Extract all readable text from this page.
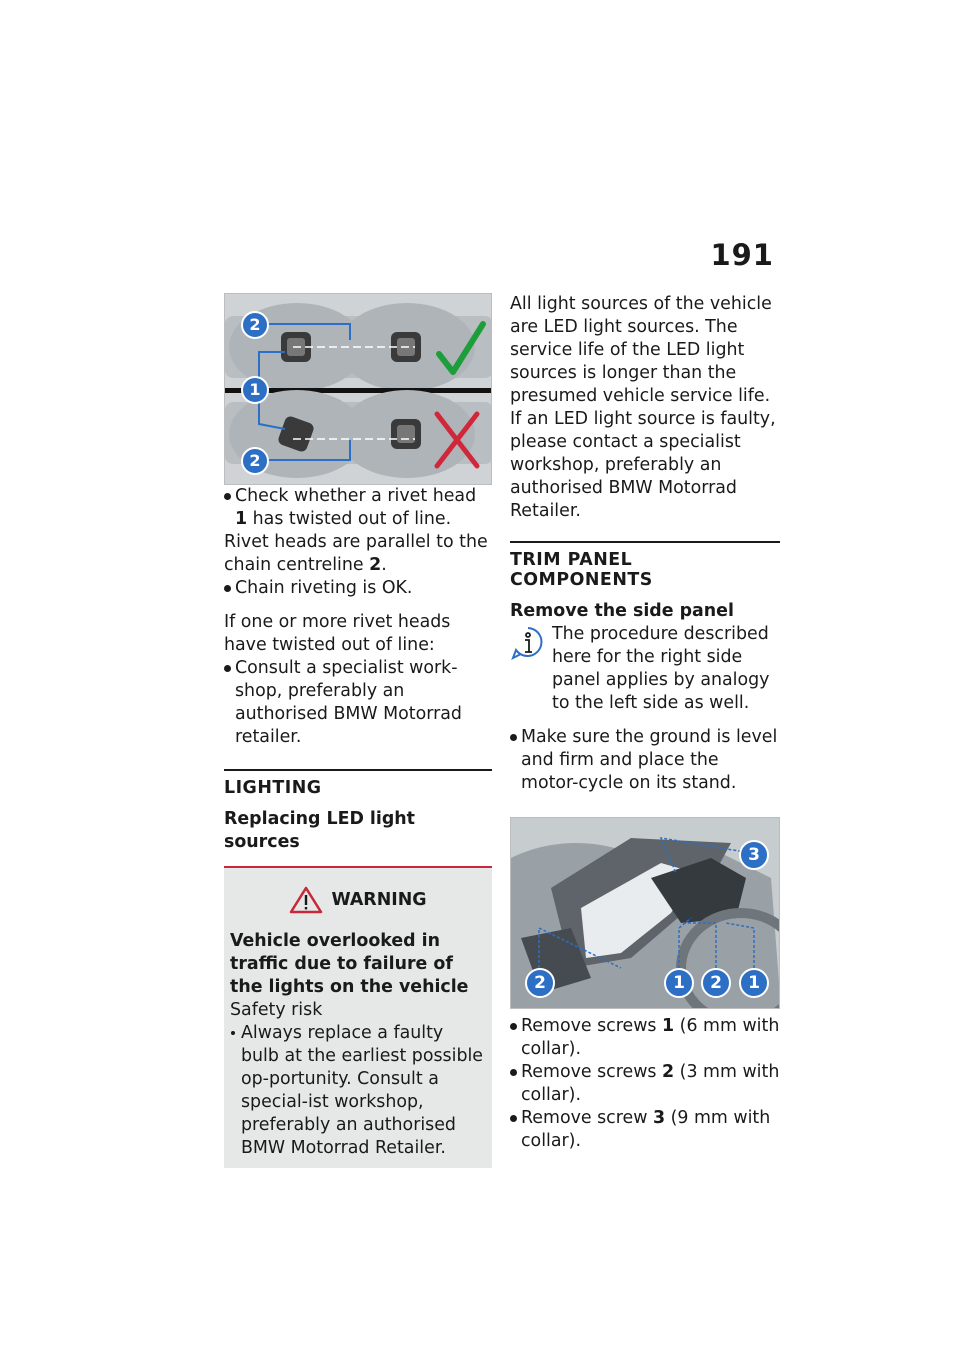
191
2
1
2

Check whether a rivet head 1 has twisted out of line.

Rivet heads are parallel to the chain centreline 2.

Chain riveting is OK.

If one or more rivet heads have twisted out of line:

Consult a specialist work-shop, preferably an authorised BMW Motorrad retailer.

LIGHTING
Replacing LED light sources
WARNING

Vehicle overlooked in traffic due to failure of the lights on the vehicle

Safety risk

Always replace a faulty bulb at the earliest possible op-portunity. Consult a special-ist workshop, preferably an authorised BMW Motorrad Retailer.

All light sources of the vehicle are LED light sources. The service life of the LED light sources is longer than the presumed vehicle service life. If an LED light source is faulty, please contact a specialist workshop, preferably an authorised BMW Motorrad Retailer.

TRIM PANEL COMPONENTS
Remove the side panel

The procedure described here for the right side panel applies by analogy to the left side as well.

Make sure the ground is level and firm and place the motor-cycle on its stand.

3
2	1	2	1

Remove screws 1 (6 mm with collar).

Remove screws 2 (3 mm with collar).

Remove screw 3 (9 mm with collar).
